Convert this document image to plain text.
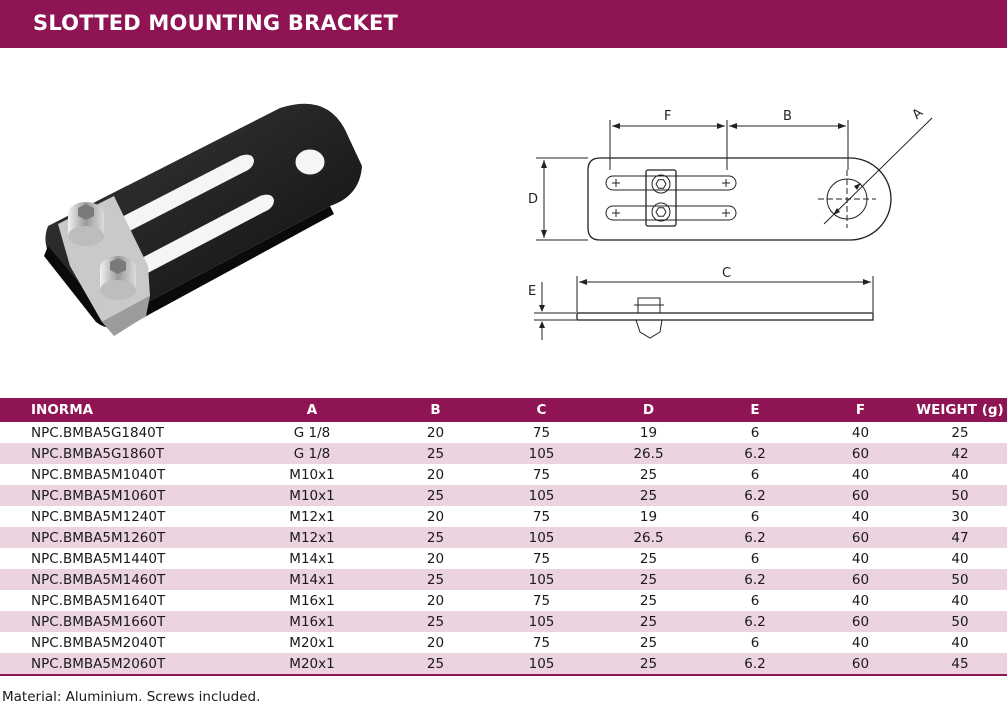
SLOTTED MOUNTING BRACKET
F	B	A
D
C
E
INORMA	A	B	C	D	E	F	WEIGHT (g)
NPC.BMBA5G1840T	G 1/8	20	75	19	6	40	25
NPC.BMBA5G1860T	G 1/8	25	105	26.5	6.2	60	42
NPC.BMBA5M1040T	M10x1	20	75	25	6	40	40
NPC.BMBA5M1060T	M10x1	25	105	25	6.2	60	50
NPC.BMBA5M1240T	M12x1	20	75	19	6	40	30
NPC.BMBA5M1260T	M12x1	25	105	26.5	6.2	60	47
NPC.BMBA5M1440T	M14x1	20	75	25	6	40	40
NPC.BMBA5M1460T	M14x1	25	105	25	6.2	60	50
NPC.BMBA5M1640T	M16x1	20	75	25	6	40	40
NPC.BMBA5M1660T	M16x1	25	105	25	6.2	60	50
NPC.BMBA5M2040T	M20x1	20	75	25	6	40	40
NPC.BMBA5M2060T	M20x1	25	105	25	6.2	60	45
Material: Aluminium. Screws included.
